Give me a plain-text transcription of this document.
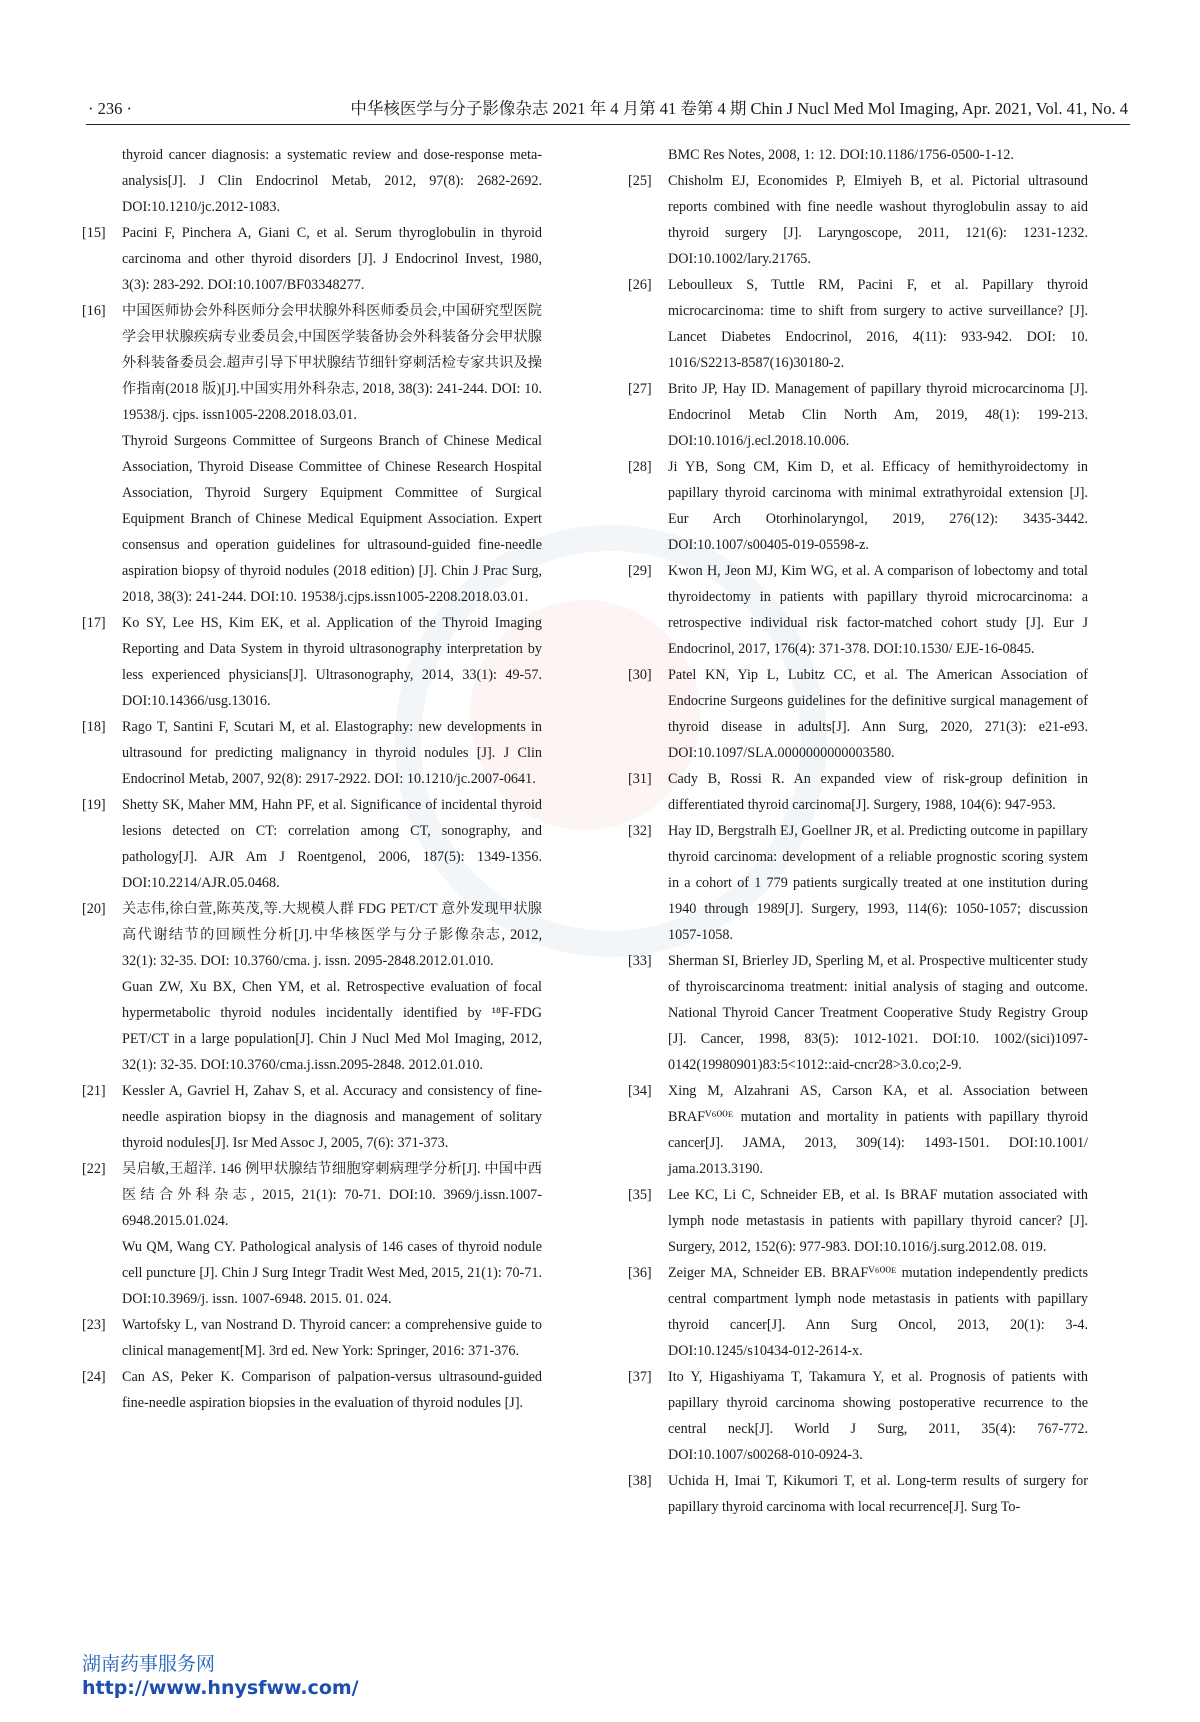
· 236 ·	中华核医学与分子影像杂志 2021 年 4 月第 41 卷第 4 期 Chin J Nucl Med Mol Imaging, Apr. 2021, Vol. 41, No. 4

thyroid cancer diagnosis: a systematic review and dose-response meta-analysis[J]. J Clin Endocrinol Metab, 2012, 97(8): 2682-2692. DOI:10.1210/jc.2012-1083.

[15] Pacini F, Pinchera A, Giani C, et al. Serum thyroglobulin in thyroid carcinoma and other thyroid disorders [J]. J Endocrinol Invest, 1980, 3(3): 283-292. DOI:10.1007/BF03348277.

[16] 中国医师协会外科医师分会甲状腺外科医师委员会,中国研究型医院学会甲状腺疾病专业委员会,中国医学装备协会外科装备分会甲状腺外科装备委员会.超声引导下甲状腺结节细针穿刺活检专家共识及操作指南(2018 版)[J].中国实用外科杂志, 2018, 38(3): 241-244. DOI: 10. 19538/j. cjps. issn1005-2208.2018.03.01.
Thyroid Surgeons Committee of Surgeons Branch of Chinese Medical Association, Thyroid Disease Committee of Chinese Research Hospital Association, Thyroid Surgery Equipment Committee of Surgical Equipment Branch of Chinese Medical Equipment Association. Expert consensus and operation guidelines for ultrasound-guided fine-needle aspiration biopsy of thyroid nodules (2018 edition) [J]. Chin J Prac Surg, 2018, 38(3): 241-244. DOI:10. 19538/j.cjps.issn1005-2208.2018.03.01.

[17] Ko SY, Lee HS, Kim EK, et al. Application of the Thyroid Imaging Reporting and Data System in thyroid ultrasonography interpretation by less experienced physicians[J]. Ultrasonography, 2014, 33(1): 49-57. DOI:10.14366/usg.13016.

[18] Rago T, Santini F, Scutari M, et al. Elastography: new developments in ultrasound for predicting malignancy in thyroid nodules [J]. J Clin Endocrinol Metab, 2007, 92(8): 2917-2922. DOI: 10.1210/jc.2007-0641.

[19] Shetty SK, Maher MM, Hahn PF, et al. Significance of incidental thyroid lesions detected on CT: correlation among CT, sonography, and pathology[J]. AJR Am J Roentgenol, 2006, 187(5): 1349-1356. DOI:10.2214/AJR.05.0468.

[20] 关志伟,徐白萱,陈英茂,等.大规模人群 FDG PET/CT 意外发现甲状腺高代谢结节的回顾性分析[J].中华核医学与分子影像杂志, 2012, 32(1): 32-35. DOI: 10.3760/cma. j. issn. 2095-2848.2012.01.010.
Guan ZW, Xu BX, Chen YM, et al. Retrospective evaluation of focal hypermetabolic thyroid nodules incidentally identified by ¹⁸F-FDG PET/CT in a large population[J]. Chin J Nucl Med Mol Imaging, 2012, 32(1): 32-35. DOI:10.3760/cma.j.issn.2095-2848. 2012.01.010.

[21] Kessler A, Gavriel H, Zahav S, et al. Accuracy and consistency of fine-needle aspiration biopsy in the diagnosis and management of solitary thyroid nodules[J]. Isr Med Assoc J, 2005, 7(6): 371-373.

[22] 吴启敏,王超洋. 146 例甲状腺结节细胞穿刺病理学分析[J]. 中国中西医结合外科杂志, 2015, 21(1): 70-71. DOI:10. 3969/j.issn.1007-6948.2015.01.024.
Wu QM, Wang CY. Pathological analysis of 146 cases of thyroid nodule cell puncture [J]. Chin J Surg Integr Tradit West Med, 2015, 21(1): 70-71. DOI:10.3969/j. issn. 1007-6948. 2015. 01. 024.

[23] Wartofsky L, van Nostrand D. Thyroid cancer: a comprehensive guide to clinical management[M]. 3rd ed. New York: Springer, 2016: 371-376.

[24] Can AS, Peker K. Comparison of palpation-versus ultrasound-guided fine-needle aspiration biopsies in the evaluation of thyroid nodules [J].

BMC Res Notes, 2008, 1: 12. DOI:10.1186/1756-0500-1-12.

[25] Chisholm EJ, Economides P, Elmiyeh B, et al. Pictorial ultrasound reports combined with fine needle washout thyroglobulin assay to aid thyroid surgery [J]. Laryngoscope, 2011, 121(6): 1231-1232. DOI:10.1002/lary.21765.

[26] Leboulleux S, Tuttle RM, Pacini F, et al. Papillary thyroid microcarcinoma: time to shift from surgery to active surveillance? [J]. Lancet Diabetes Endocrinol, 2016, 4(11): 933-942. DOI: 10. 1016/S2213-8587(16)30180-2.

[27] Brito JP, Hay ID. Management of papillary thyroid microcarcinoma [J]. Endocrinol Metab Clin North Am, 2019, 48(1): 199-213. DOI:10.1016/j.ecl.2018.10.006.

[28] Ji YB, Song CM, Kim D, et al. Efficacy of hemithyroidectomy in papillary thyroid carcinoma with minimal extrathyroidal extension [J]. Eur Arch Otorhinolaryngol, 2019, 276(12): 3435-3442. DOI:10.1007/s00405-019-05598-z.

[29] Kwon H, Jeon MJ, Kim WG, et al. A comparison of lobectomy and total thyroidectomy in patients with papillary thyroid microcarcinoma: a retrospective individual risk factor-matched cohort study [J]. Eur J Endocrinol, 2017, 176(4): 371-378. DOI:10.1530/ EJE-16-0845.

[30] Patel KN, Yip L, Lubitz CC, et al. The American Association of Endocrine Surgeons guidelines for the definitive surgical management of thyroid disease in adults[J]. Ann Surg, 2020, 271(3): e21-e93. DOI:10.1097/SLA.0000000000003580.

[31] Cady B, Rossi R. An expanded view of risk-group definition in differentiated thyroid carcinoma[J]. Surgery, 1988, 104(6): 947-953.

[32] Hay ID, Bergstralh EJ, Goellner JR, et al. Predicting outcome in papillary thyroid carcinoma: development of a reliable prognostic scoring system in a cohort of 1 779 patients surgically treated at one institution during 1940 through 1989[J]. Surgery, 1993, 114(6): 1050-1057; discussion 1057-1058.

[33] Sherman SI, Brierley JD, Sperling M, et al. Prospective multicenter study of thyroiscarcinoma treatment: initial analysis of staging and outcome. National Thyroid Cancer Treatment Cooperative Study Registry Group [J]. Cancer, 1998, 83(5): 1012-1021. DOI:10. 1002/(sici)1097-0142(19980901)83:5<1012::aid-cncr28>3.0.co;2-9.

[34] Xing M, Alzahrani AS, Carson KA, et al. Association between BRAFⱽ⁶⁰⁰ᴱ mutation and mortality in patients with papillary thyroid cancer[J]. JAMA, 2013, 309(14): 1493-1501. DOI:10.1001/ jama.2013.3190.

[35] Lee KC, Li C, Schneider EB, et al. Is BRAF mutation associated with lymph node metastasis in patients with papillary thyroid cancer? [J]. Surgery, 2012, 152(6): 977-983. DOI:10.1016/j.surg.2012.08. 019.

[36] Zeiger MA, Schneider EB. BRAFⱽ⁶⁰⁰ᴱ mutation independently predicts central compartment lymph node metastasis in patients with papillary thyroid cancer[J]. Ann Surg Oncol, 2013, 20(1): 3-4. DOI:10.1245/s10434-012-2614-x.

[37] Ito Y, Higashiyama T, Takamura Y, et al. Prognosis of patients with papillary thyroid carcinoma showing postoperative recurrence to the central neck[J]. World J Surg, 2011, 35(4): 767-772. DOI:10.1007/s00268-010-0924-3.

[38] Uchida H, Imai T, Kikumori T, et al. Long-term results of surgery for papillary thyroid carcinoma with local recurrence[J]. Surg To-

湖南药事服务网
http://www.hnysfww.com/
